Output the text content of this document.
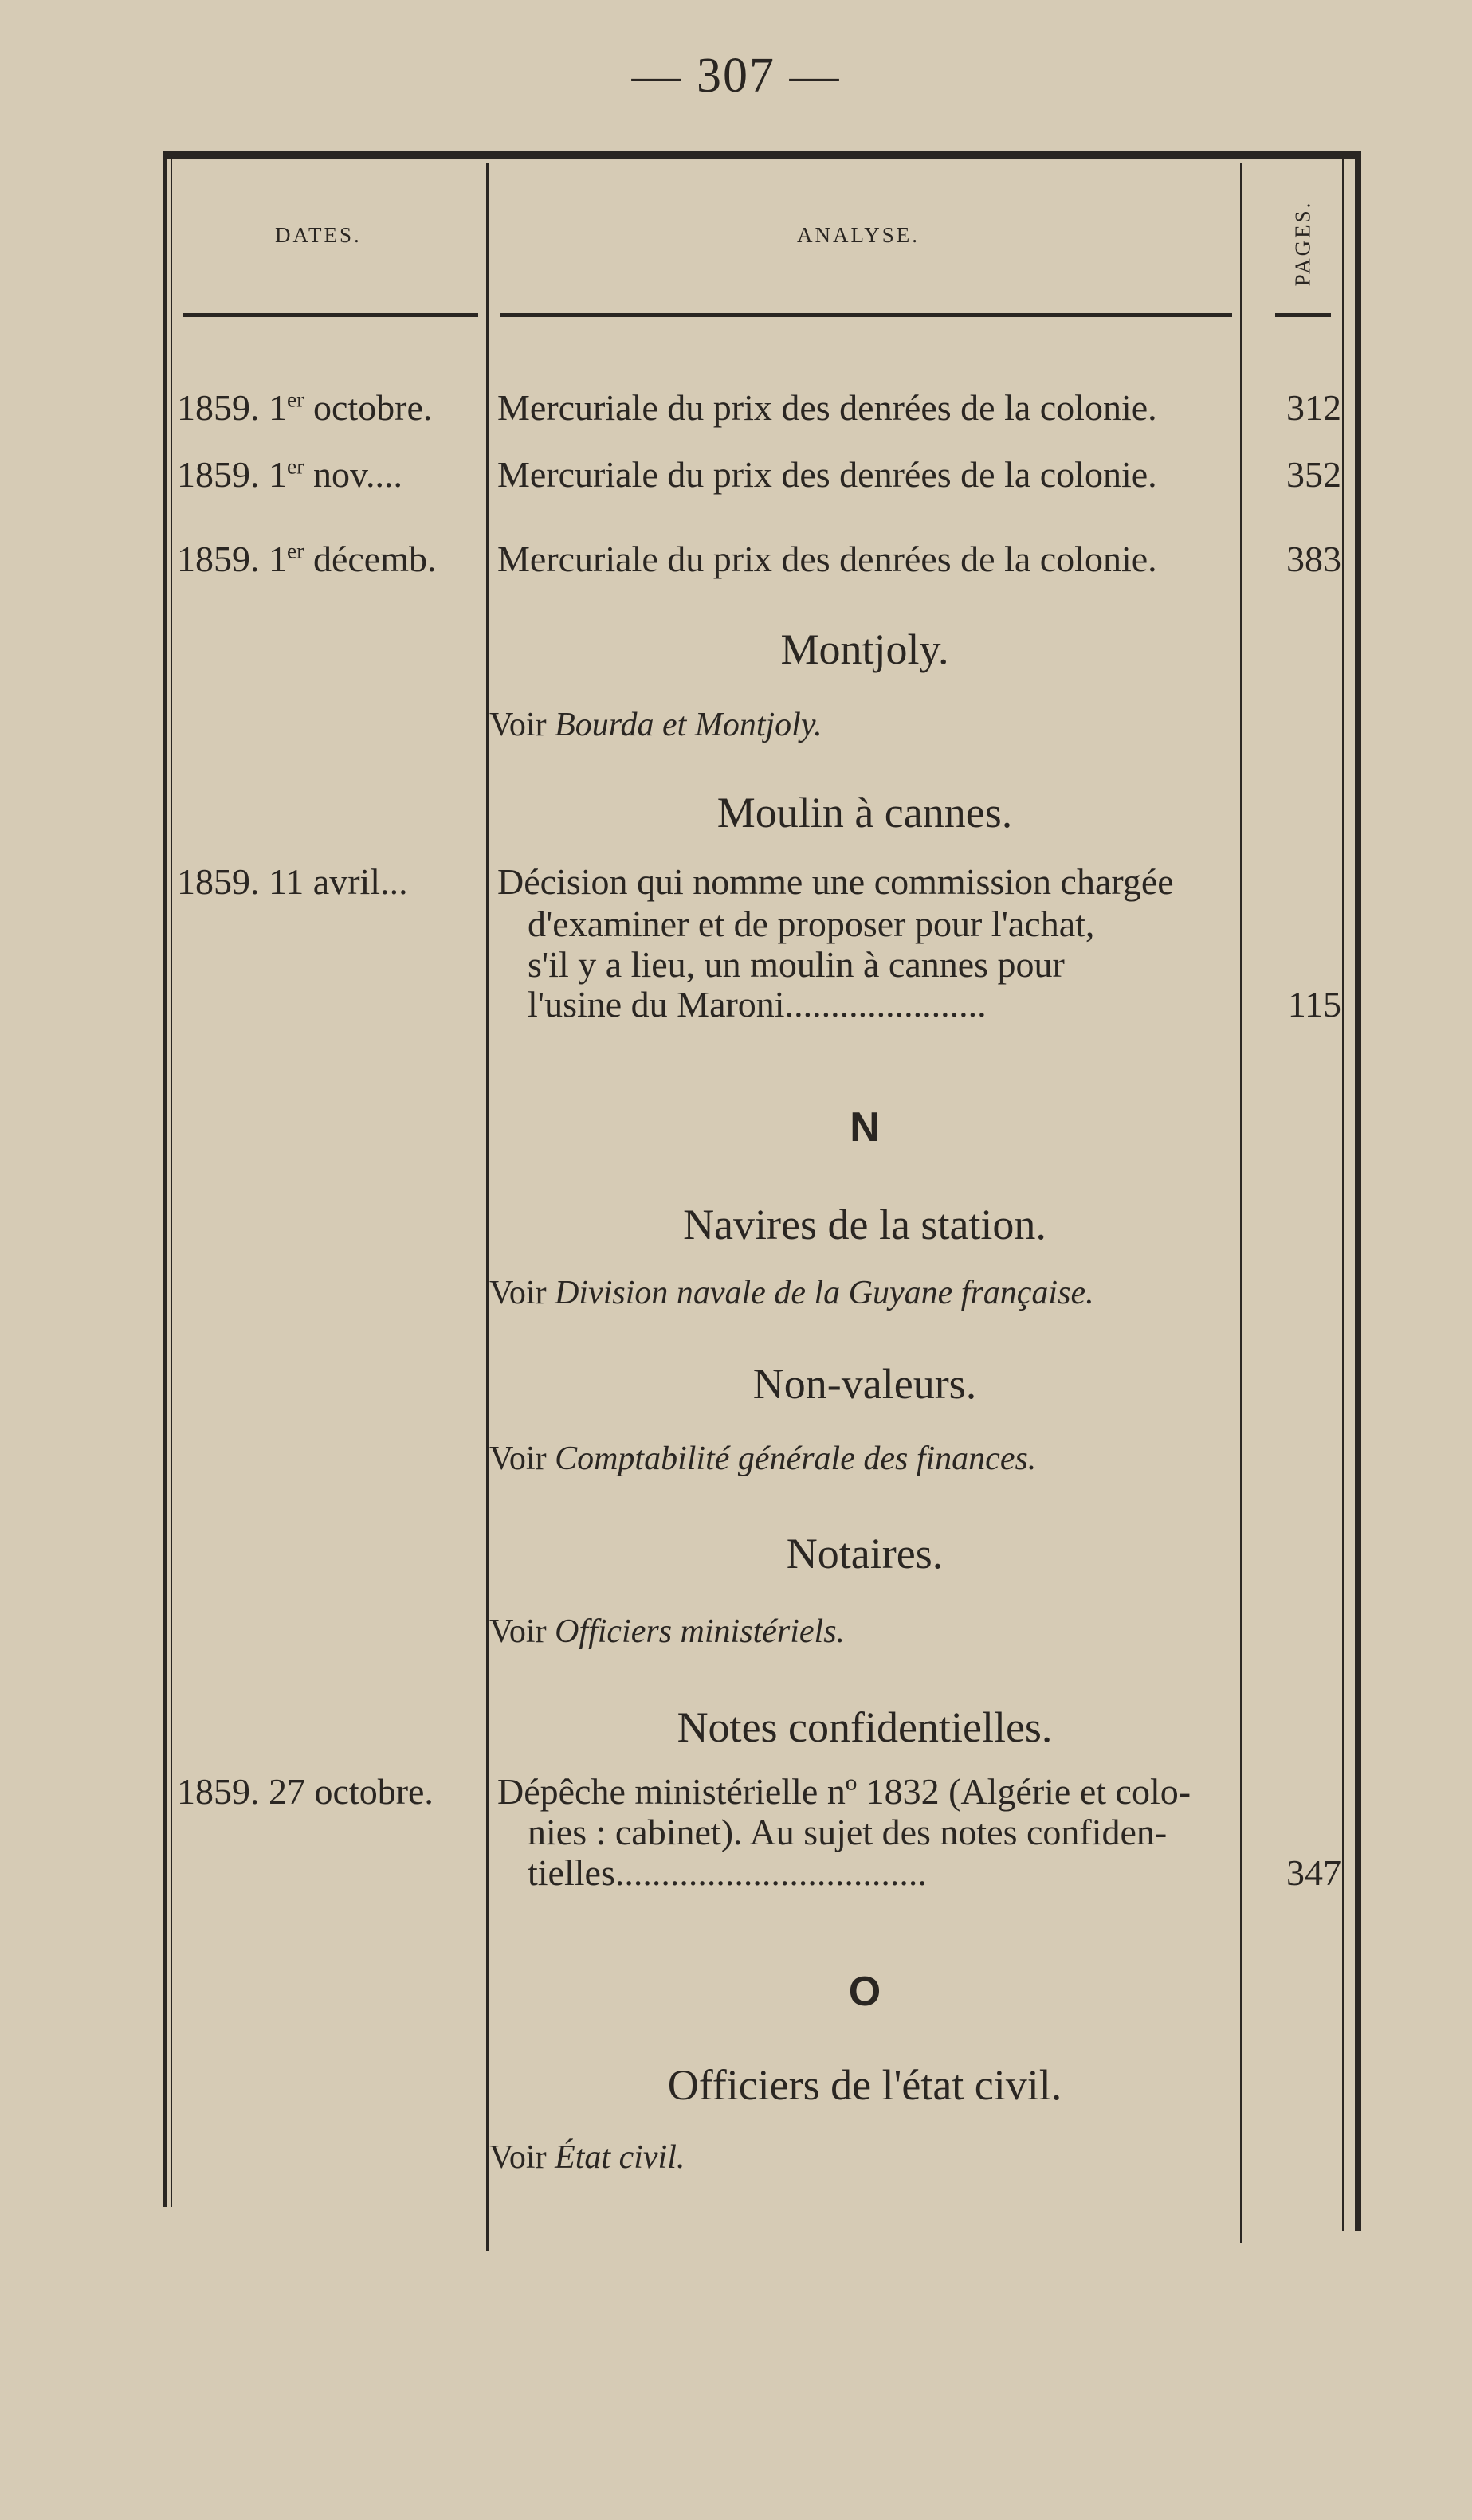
— 307 —
DATES.	ANALYSE.	PAGES.
1859. 1er octobre. Mercuriale du prix des denrées de la colonie.	312
1859. 1er nov....	Mercuriale du prix des denrées de la colonie.	352
1859. 1er décemb. Mercuriale du prix des denrées de la colonie.	383
Montjoly.
Voir Bourda et Montjoly.
Moulin à cannes.
1859. 11 avril... Décision qui nomme une commission chargée
d'examiner et de proposer pour l'achat,
s'il y a lieu, un moulin à cannes pour
l'usine du Maroni......................	115
N
Navires de la station.
Voir Division navale de la Guyane française.
Non-valeurs.
Voir Comptabilité générale des finances.
Notaires.
Voir Officiers ministériels.
Notes confidentielles.
1859. 27 octobre. Dépêche ministérielle nº 1832 (Algérie et colo-
nies : cabinet). Au sujet des notes confiden-
tielles..................................	347
O
Officiers de l'état civil.
Voir État civil.
